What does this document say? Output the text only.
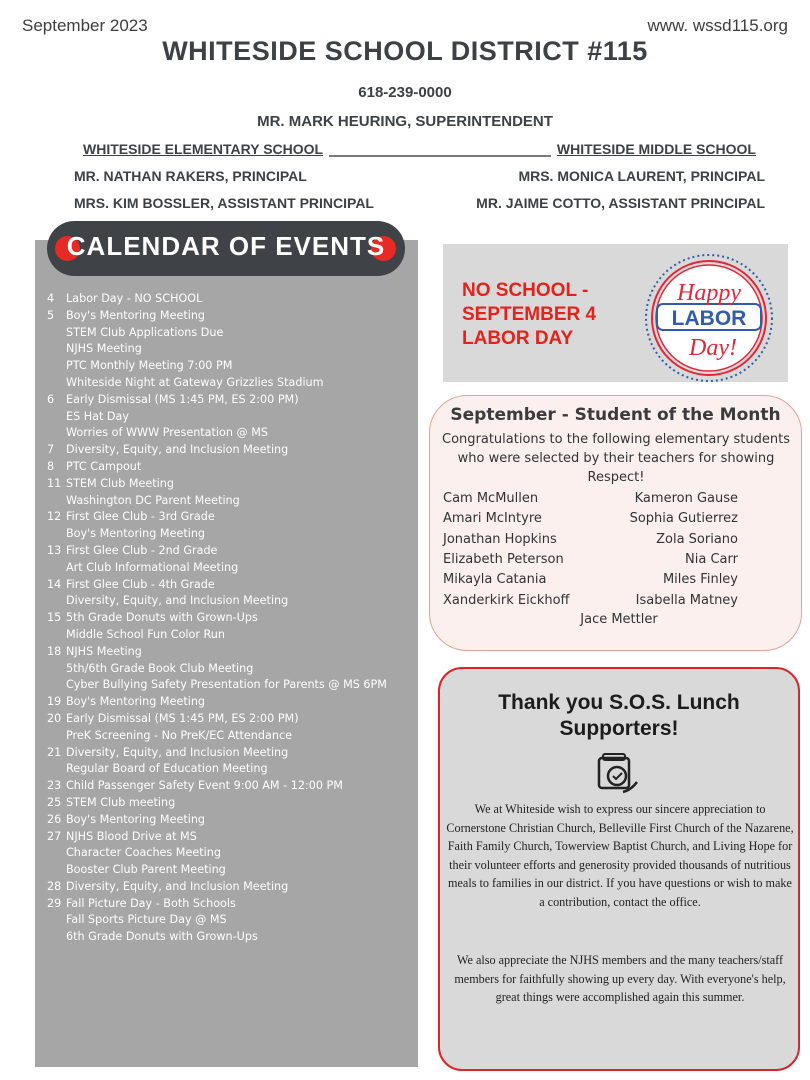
September 2023	www. wssd115.org
WHITESIDE SCHOOL DISTRICT #115
618-239-0000
MR. MARK HEURING, SUPERINTENDENT
WHITESIDE ELEMENTARY SCHOOL	WHITESIDE MIDDLE SCHOOL
MR. NATHAN RAKERS, PRINCIPAL
MRS. KIM BOSSLER, ASSISTANT PRINCIPAL
MRS. MONICA LAURENT, PRINCIPAL
MR. JAIME COTTO, ASSISTANT PRINCIPAL
CALENDAR OF EVENTS
4 Labor Day - NO SCHOOL
5 Boy's Mentoring Meeting
STEM Club Applications Due
NJHS Meeting
PTC Monthly Meeting 7:00 PM
Whiteside Night at Gateway Grizzlies Stadium
6 Early Dismissal (MS 1:45 PM, ES 2:00 PM)
ES Hat Day
Worries of WWW Presentation @ MS
7 Diversity, Equity, and Inclusion Meeting
8 PTC Campout
11 STEM Club Meeting
Washington DC Parent Meeting
12 First Glee Club - 3rd Grade
Boy's Mentoring Meeting
13 First Glee Club - 2nd Grade
Art Club Informational Meeting
14 First Glee Club - 4th Grade
Diversity, Equity, and Inclusion Meeting
15 5th Grade Donuts with Grown-Ups
Middle School Fun Color Run
18 NJHS Meeting
5th/6th Grade Book Club Meeting
Cyber Bullying Safety Presentation for Parents @ MS 6PM
19 Boy's Mentoring Meeting
20 Early Dismissal (MS 1:45 PM, ES 2:00 PM)
PreK Screening - No PreK/EC Attendance
21 Diversity, Equity, and Inclusion Meeting
Regular Board of Education Meeting
23 Child Passenger Safety Event 9:00 AM - 12:00 PM
25 STEM Club meeting
26 Boy's Mentoring Meeting
27 NJHS Blood Drive at MS
Character Coaches Meeting
Booster Club Parent Meeting
28 Diversity, Equity, and Inclusion Meeting
29 Fall Picture Day - Both Schools
Fall Sports Picture Day @ MS
6th Grade Donuts with Grown-Ups
NO SCHOOL -
SEPTEMBER 4
LABOR DAY
Happy
LABOR
Day!
September - Student of the Month
Congratulations to the following elementary students who were selected by their teachers for showing Respect!
Cam McMullen	Kameron Gause
Amari McIntyre	Sophia Gutierrez
Jonathan Hopkins	Zola Soriano
Elizabeth Peterson	Nia Carr
Mikayla Catania	Miles Finley
Xanderkirk Eickhoff	Isabella Matney
Jace Mettler
Thank you S.O.S. Lunch
Supporters!
We at Whiteside wish to express our sincere appreciation to Cornerstone Christian Church, Belleville First Church of the Nazarene, Faith Family Church, Towerview Baptist Church, and Living Hope for their volunteer efforts and generosity provided thousands of nutritious meals to families in our district. If you have questions or wish to make a contribution, contact the office.
We also appreciate the NJHS members and the many teachers/staff members for faithfully showing up every day. With everyone's help, great things were accomplished again this summer.
